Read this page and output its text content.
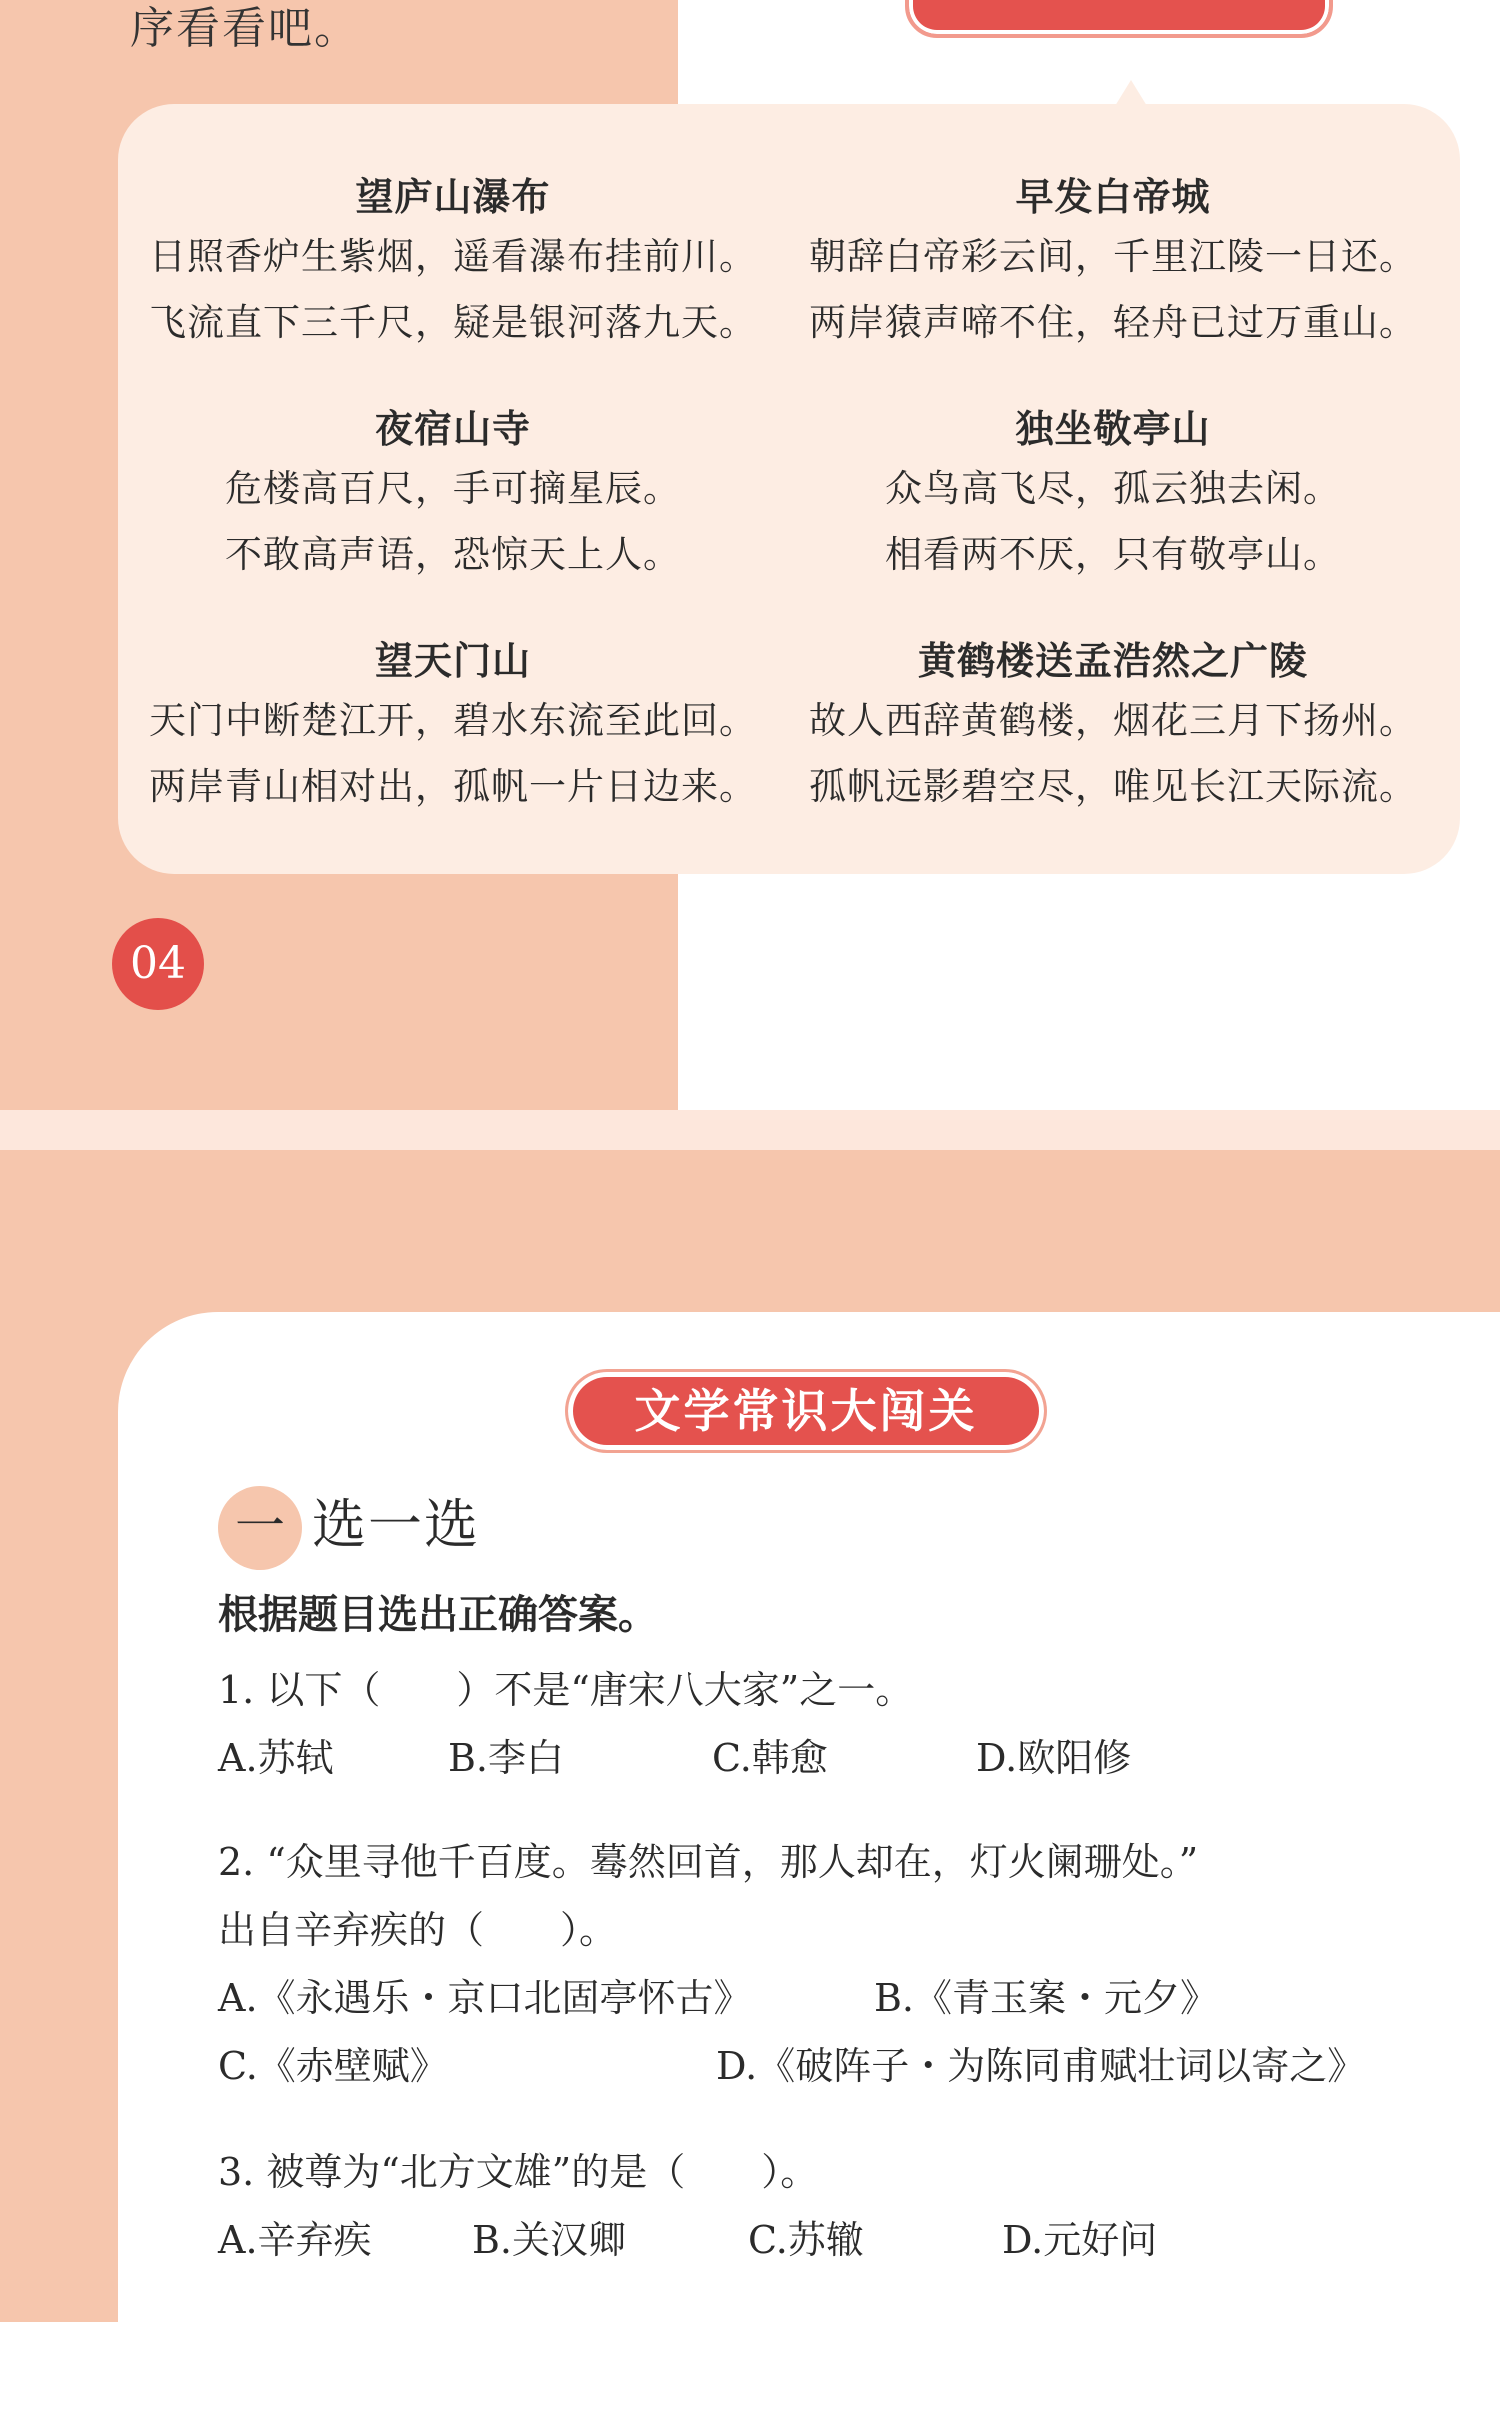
序看看吧。
望庐山瀑布
日照香炉生紫烟，遥看瀑布挂前川。
飞流直下三千尺，疑是银河落九天。
早发白帝城
朝辞白帝彩云间，千里江陵一日还。
两岸猿声啼不住，轻舟已过万重山。
夜宿山寺
危楼高百尺，手可摘星辰。
不敢高声语，恐惊天上人。
独坐敬亭山
众鸟高飞尽，孤云独去闲。
相看两不厌，只有敬亭山。
望天门山
天门中断楚江开，碧水东流至此回。
两岸青山相对出，孤帆一片日边来。
黄鹤楼送孟浩然之广陵
故人西辞黄鹤楼，烟花三月下扬州。
孤帆远影碧空尽，唯见长江天际流。
04
文学常识大闯关
一 选一选
根据题目选出正确答案。
1. 以下（　　）不是“唐宋八大家”之一。
A.苏轼	B.李白	C.韩愈	D.欧阳修
2. “众里寻他千百度。蓦然回首，那人却在，灯火阑珊处。”
出自辛弃疾的（　　）。
A.《永遇乐・京口北固亭怀古》	B.《青玉案・元夕》
C.《赤壁赋》	D.《破阵子・为陈同甫赋壮词以寄之》
3. 被尊为“北方文雄”的是（　　）。
A.辛弃疾	B.关汉卿	C.苏辙	D.元好问
